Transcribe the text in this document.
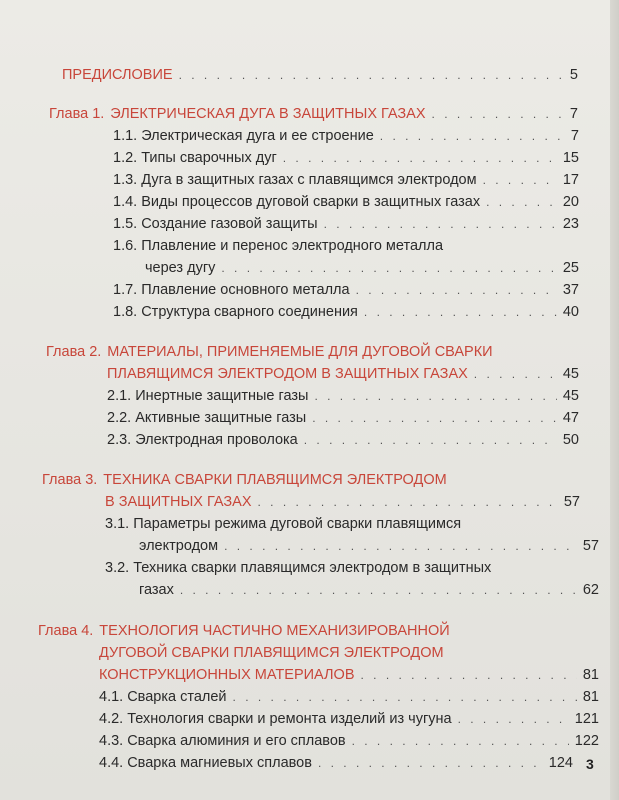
ПРЕДИСЛОВИЕ . . .	5
Глава 1. ЭЛЕКТРИЧЕСКАЯ ДУГА В ЗАЩИТНЫХ ГАЗАХ . . .	7
1.1. Электрическая дуга и ее строение . . .	7
1.2. Типы сварочных дуг . . .	15
1.3. Дуга в защитных газах с плавящимся электродом . . .	17
1.4. Виды процессов дуговой сварки в защитных газах . . .	20
1.5. Создание газовой защиты . . .	23
1.6. Плавление и перенос электродного металла
через дугу . . .	25
1.7. Плавление основного металла . . .	37
1.8. Структура сварного соединения . . .	40
Глава 2. МАТЕРИАЛЫ, ПРИМЕНЯЕМЫЕ ДЛЯ ДУГОВОЙ СВАРКИ
ПЛАВЯЩИМСЯ ЭЛЕКТРОДОМ В ЗАЩИТНЫХ ГАЗАХ . . .	45
2.1. Инертные защитные газы . . .	45
2.2. Активные защитные газы . . .	47
2.3. Электродная проволока . . .	50
Глава 3. ТЕХНИКА СВАРКИ ПЛАВЯЩИМСЯ ЭЛЕКТРОДОМ
В ЗАЩИТНЫХ ГАЗАХ . . .	57
3.1. Параметры режима дуговой сварки плавящимся
электродом . . .	57
3.2. Техника сварки плавящимся электродом в защитных
газах . . .	62
Глава 4. ТЕХНОЛОГИЯ ЧАСТИЧНО МЕХАНИЗИРОВАННОЙ
ДУГОВОЙ СВАРКИ ПЛАВЯЩИМСЯ ЭЛЕКТРОДОМ
КОНСТРУКЦИОННЫХ МАТЕРИАЛОВ . . .	81
4.1. Сварка сталей . . .	81
4.2. Технология сварки и ремонта изделий из чугуна . . .	121
4.3. Сварка алюминия и его сплавов . . .	122
4.4. Сварка магниевых сплавов . . .	124 3
